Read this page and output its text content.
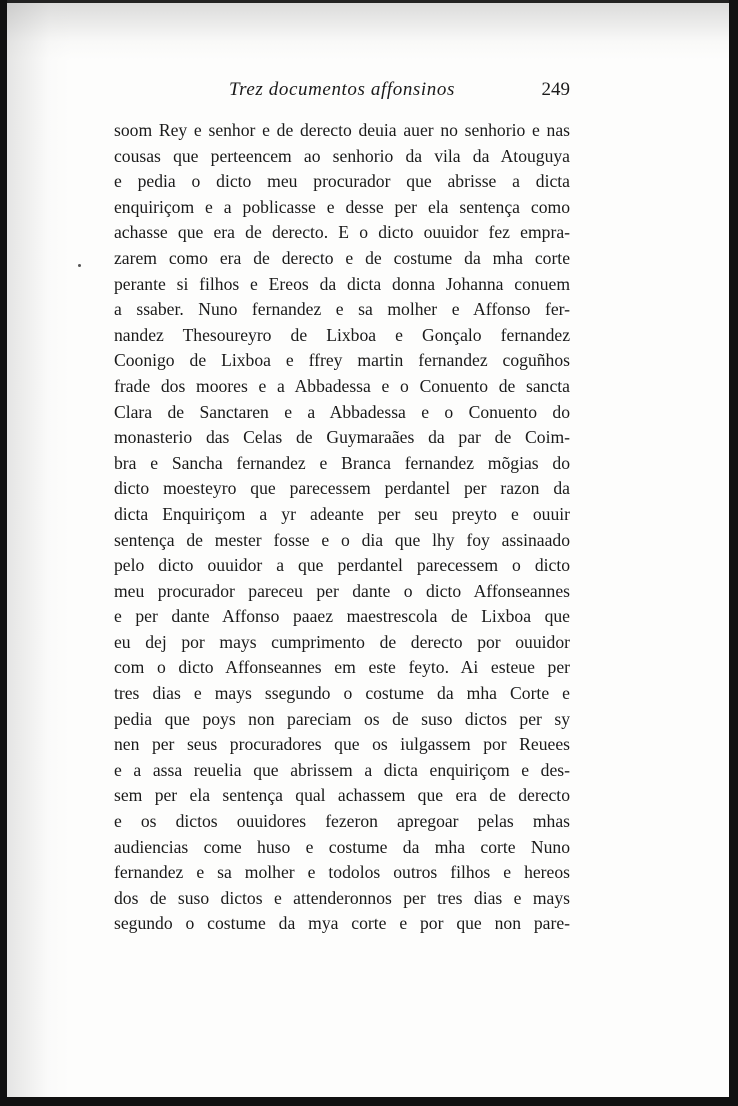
Trez documentos affonsinos	249
soom Rey e senhor e de derecto deuia auer no senhorio e nas
cousas que perteencem ao senhorio da vila da Atouguya
e pedia o dicto meu procurador que abrisse a dicta
enquiriçom e a poblicasse e desse per ela sentença como
achasse que era de derecto. E o dicto ouuidor fez empra-
zarem como era de derecto e de costume da mha corte
perante si filhos e Ereos da dicta donna Johanna conuem
a ssaber. Nuno fernandez e sa molher e Affonso fer-
nandez Thesoureyro de Lixboa e Gonçalo fernandez
Coonigo de Lixboa e ffrey martin fernandez coguñhos
frade dos moores e a Abbadessa e o Conuento de sancta
Clara de Sanctaren e a Abbadessa e o Conuento do
monasterio das Celas de Guymaraães da par de Coim-
bra e Sancha fernandez e Branca fernandez mõgias do
dicto moesteyro que parecessem perdantel per razon da
dicta Enquiriçom a yr adeante per seu preyto e ouuir
sentença de mester fosse e o dia que lhy foy assinaado
pelo dicto ouuidor a que perdantel parecessem o dicto
meu procurador pareceu per dante o dicto Affonseannes
e per dante Affonso paaez maestrescola de Lixboa que
eu dej por mays cumprimento de derecto por ouuidor
com o dicto Affonseannes em este feyto. Ai esteue per
tres dias e mays ssegundo o costume da mha Corte e
pedia que poys non pareciam os de suso dictos per sy
nen per seus procuradores que os iulgassem por Reuees
e a assa reuelia que abrissem a dicta enquiriçom e des-
sem per ela sentença qual achassem que era de derecto
e os dictos ouuidores fezeron apregoar pelas mhas
audiencias come huso e costume da mha corte Nuno
fernandez e sa molher e todolos outros filhos e hereos
dos de suso dictos e attenderonnos per tres dias e mays
segundo o costume da mya corte e por que non pare-
